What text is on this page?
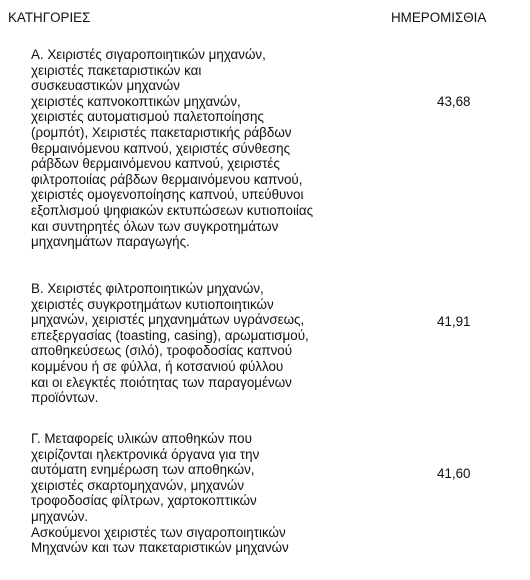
ΚΑΤΗΓΟΡΙΕΣ	ΗΜΕΡΟΜΙΣΘΙΑ
Α. Χειριστές σιγαροποιητικών μηχανών,
χειριστές πακεταριστικών και
συσκευαστικών μηχανών
χειριστές καπνοκοπτικών μηχανών,
χειριστές αυτοματισμού παλετοποίησης
(ρομπότ), Χειριστές πακεταριστικής ράβδων
θερμαινόμενου καπνού, χειριστές σύνθεσης
ράβδων θερμαινόμενου καπνού, χειριστές
φιλτροποιίας ράβδων θερμαινόμενου καπνού,
χειριστές ομογενοποίησης καπνού, υπεύθυνοι
εξοπλισμού ψηφιακών εκτυπώσεων κυτιοποιίας
και συντηρητές όλων των συγκροτημάτων
μηχανημάτων παραγωγής.
43,68
Β. Χειριστές φιλτροποιητικών μηχανών,
χειριστές συγκροτημάτων κυτιοποιητικών
μηχανών, χειριστές μηχανημάτων υγράνσεως,
επεξεργασίας (toasting, casing), αρωματισμού,
αποθηκεύσεως (σιλό), τροφοδοσίας καπνού
κομμένου ή σε φύλλα, ή κοτσανιού φύλλου
και οι ελεγκτές ποιότητας των παραγομένων
προϊόντων.
41,91
Γ. Μεταφορείς υλικών αποθηκών που
χειρίζονται ηλεκτρονικά όργανα για την
αυτόματη ενημέρωση των αποθηκών,
χειριστές σκαρτομηχανών, μηχανών
τροφοδοσίας φίλτρων, χαρτοκοπτικών
μηχανών.
Ασκούμενοι χειριστές των σιγαροποιητικών
Μηχανών και των πακεταριστικών μηχανών
41,60
